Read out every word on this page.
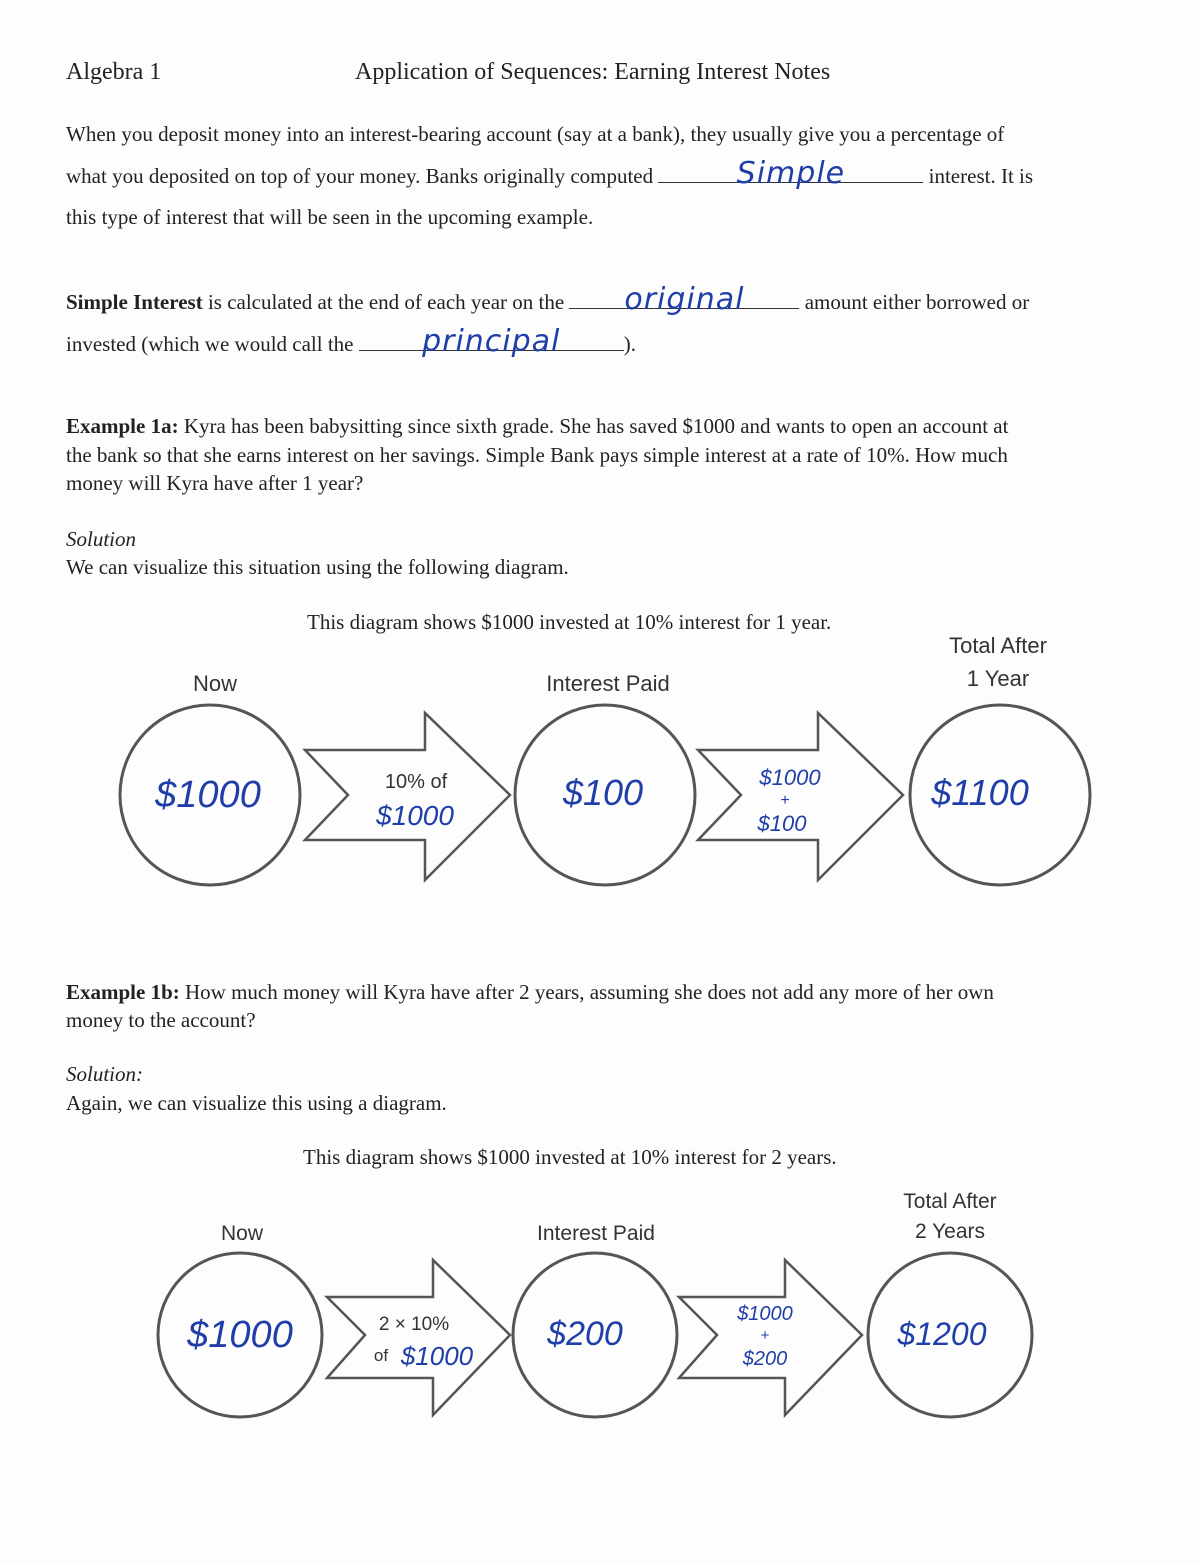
Algebra 1	Application of Sequences: Earning Interest Notes
When you deposit money into an interest-bearing account (say at a bank), they usually give you a percentage of
what you deposited on top of your money. Banks originally computed	Simple	interest. It is
this type of interest that will be seen in the upcoming example.
Simple Interest is calculated at the end of each year on the	original	amount either borrowed or
invested (which we would call the	principal	).
Example 1a: Kyra has been babysitting since sixth grade. She has saved $1000 and wants to open an account at
the bank so that she earns interest on her savings. Simple Bank pays simple interest at a rate of 10%. How much
money will Kyra have after 1 year?
Solution
We can visualize this situation using the following diagram.
This diagram shows $1000 invested at 10% interest for 1 year.
Now	Interest Paid
Total After
1 Year
$1000	10% of
$1000
$100	$1000
+
$100
$1100
Example 1b: How much money will Kyra have after 2 years, assuming she does not add any more of her own
money to the account?
Solution:
Again, we can visualize this using a diagram.
This diagram shows $1000 invested at 10% interest for 2 years.
Now	Interest Paid
Total After
2 Years
$1000	2 × 10%
of $1000
$200
$1000
+
$200
$1200
